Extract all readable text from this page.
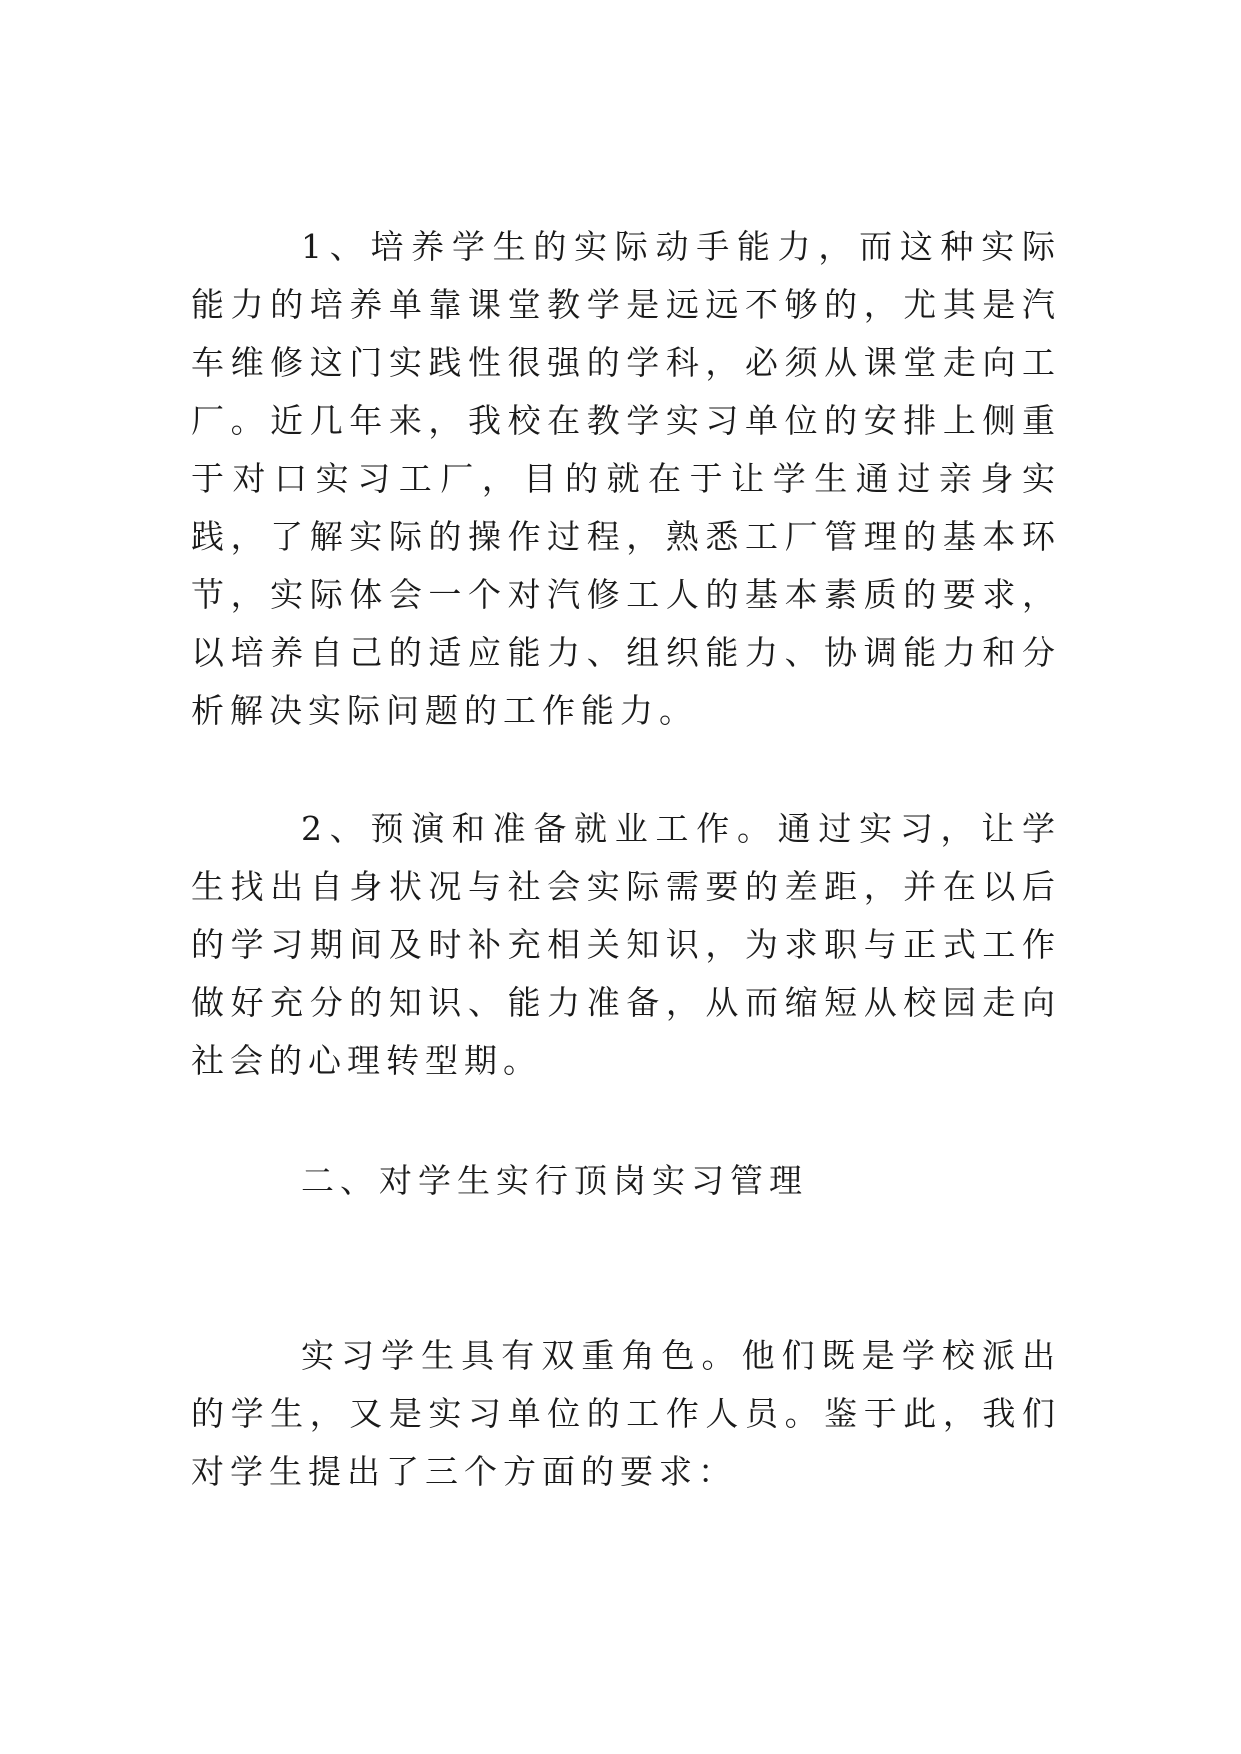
1、培养学生的实际动手能力，而这种实际能力的培养单靠课堂教学是远远不够的，尤其是汽车维修这门实践性很强的学科，必须从课堂走向工厂。近几年来，我校在教学实习单位的安排上侧重于对口实习工厂，目的就在于让学生通过亲身实践，了解实际的操作过程，熟悉工厂管理的基本环节，实际体会一个对汽修工人的基本素质的要求，以培养自己的适应能力、组织能力、协调能力和分析解决实际问题的工作能力。

2、预演和准备就业工作。通过实习，让学生找出自身状况与社会实际需要的差距，并在以后的学习期间及时补充相关知识，为求职与正式工作做好充分的知识、能力准备，从而缩短从校园走向社会的心理转型期。

二、对学生实行顶岗实习管理

实习学生具有双重角色。他们既是学校派出的学生，又是实习单位的工作人员。鉴于此，我们对学生提出了三个方面的要求：
